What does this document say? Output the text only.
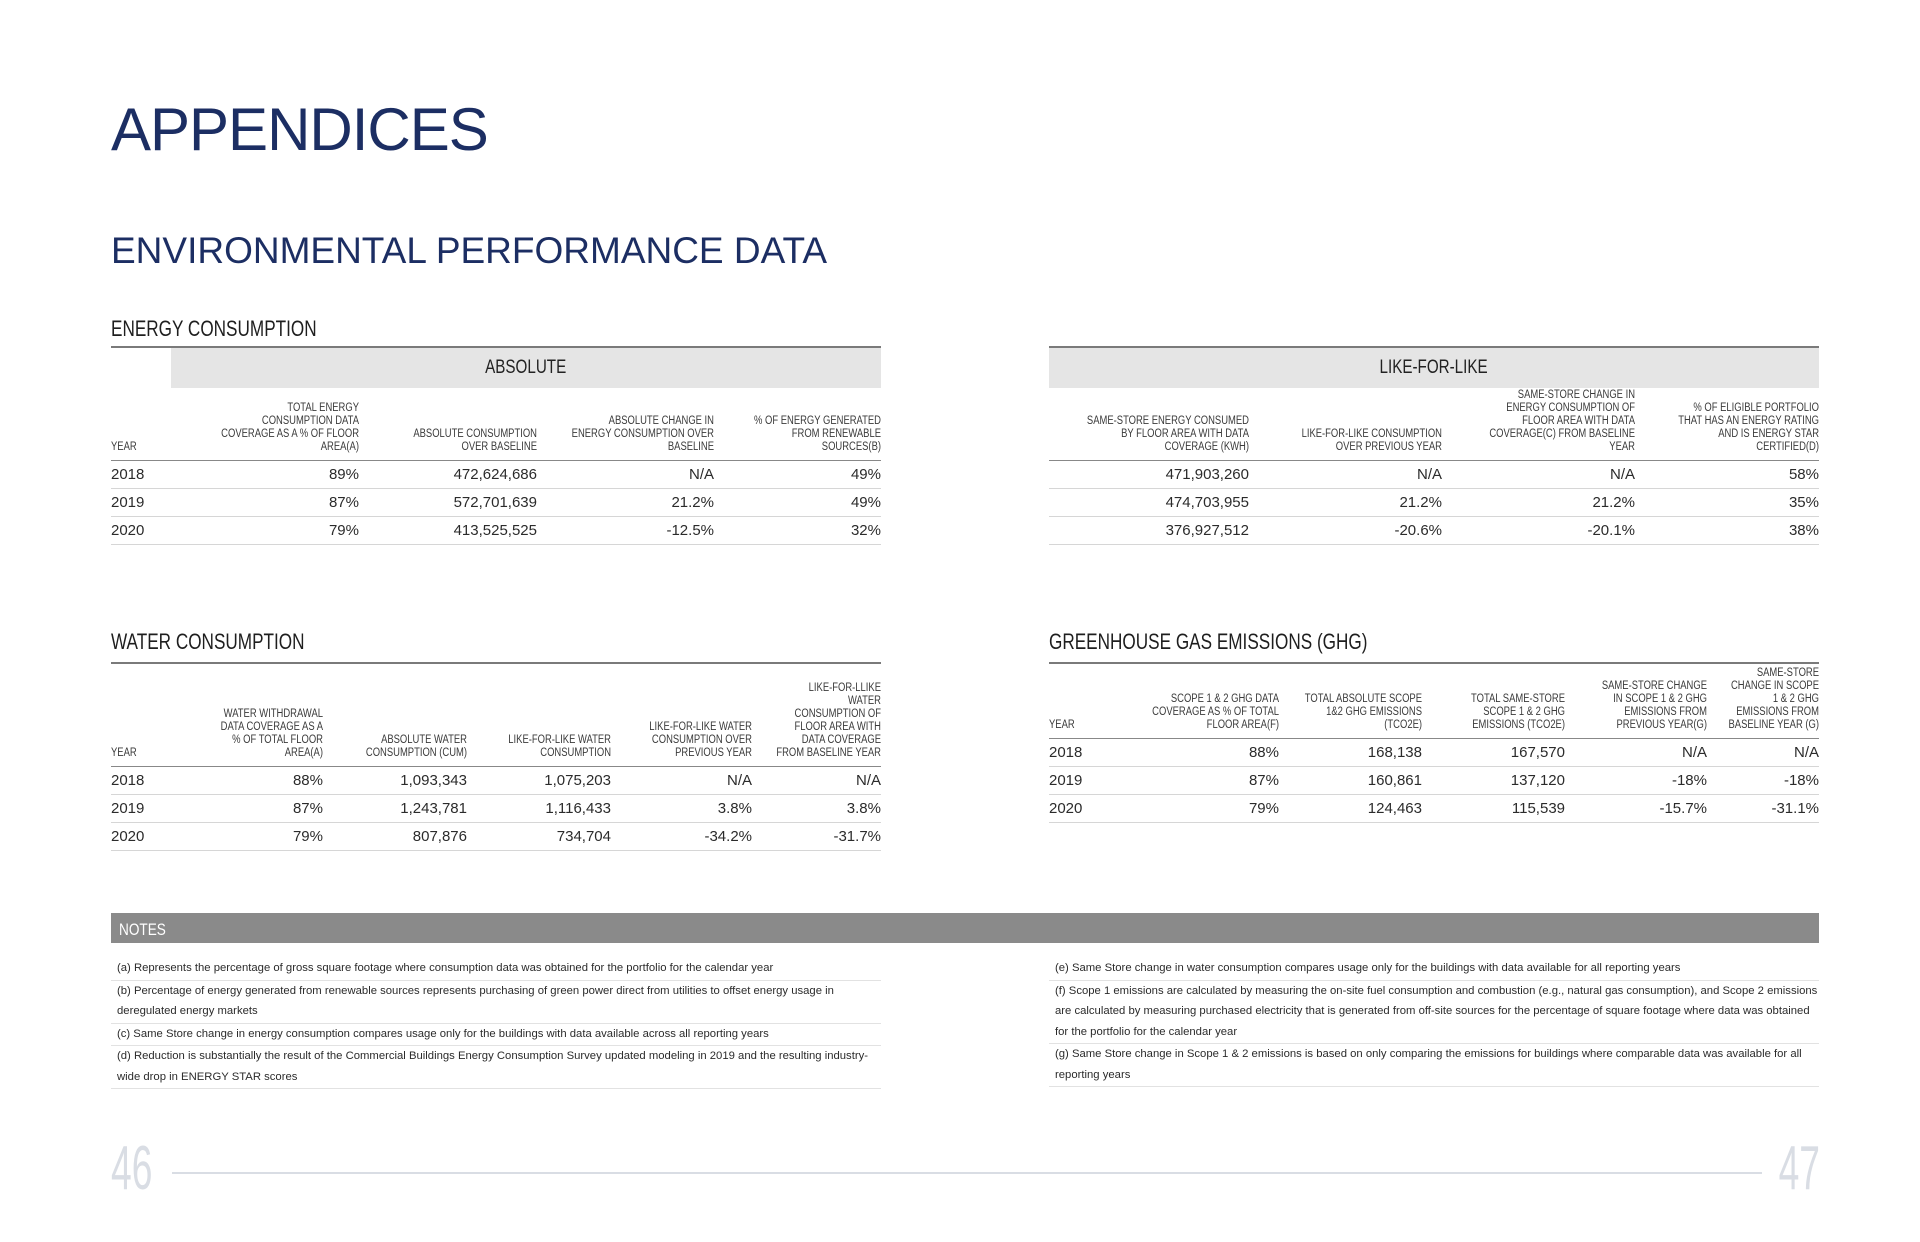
APPENDICES
ENVIRONMENTAL PERFORMANCE DATA
ENERGY CONSUMPTION
ABSOLUTE	LIKE-FOR-LIKE
YEAR	TOTAL ENERGY CONSUMPTION DATA COVERAGE AS A % OF FLOOR AREA(A)	ABSOLUTE CONSUMPTION OVER BASELINE	ABSOLUTE CHANGE IN ENERGY CONSUMPTION OVER BASELINE	% OF ENERGY GENERATED FROM RENEWABLE SOURCES(B)
2018	89%	472,624,686	N/A	49%
2019	87%	572,701,639	21.2%	49%
2020	79%	413,525,525	-12.5%	32%
SAME-STORE ENERGY CONSUMED BY FLOOR AREA WITH DATA COVERAGE (KWH)	LIKE-FOR-LIKE CONSUMPTION OVER PREVIOUS YEAR	SAME-STORE CHANGE IN ENERGY CONSUMPTION OF FLOOR AREA WITH DATA COVERAGE(C) FROM BASELINE YEAR	% OF ELIGIBLE PORTFOLIO THAT HAS AN ENERGY RATING AND IS ENERGY STAR CERTIFIED(D)
471,903,260	N/A	N/A	58%
474,703,955	21.2%	21.2%	35%
376,927,512	-20.6%	-20.1%	38%
WATER CONSUMPTION
YEAR	WATER WITHDRAWAL DATA COVERAGE AS A % OF TOTAL FLOOR AREA(A)	ABSOLUTE WATER CONSUMPTION (CUM)	LIKE-FOR-LIKE WATER CONSUMPTION	LIKE-FOR-LIKE WATER CONSUMPTION OVER PREVIOUS YEAR	LIKE-FOR-LLIKE WATER CONSUMPTION OF FLOOR AREA WITH DATA COVERAGE FROM BASELINE YEAR
2018	88%	1,093,343	1,075,203	N/A	N/A
2019	87%	1,243,781	1,116,433	3.8%	3.8%
2020	79%	807,876	734,704	-34.2%	-31.7%
GREENHOUSE GAS EMISSIONS (GHG)
YEAR	SCOPE 1 & 2 GHG DATA COVERAGE AS % OF TOTAL FLOOR AREA(F)	TOTAL ABSOLUTE SCOPE 1&2 GHG EMISSIONS (TCO2E)	TOTAL SAME-STORE SCOPE 1 & 2 GHG EMISSIONS (TCO2E)	SAME-STORE CHANGE IN SCOPE 1 & 2 GHG EMISSIONS FROM PREVIOUS YEAR(G)	SAME-STORE CHANGE IN SCOPE 1 & 2 GHG EMISSIONS FROM BASELINE YEAR (G)
2018	88%	168,138	167,570	N/A	N/A
2019	87%	160,861	137,120	-18%	-18%
2020	79%	124,463	115,539	-15.7%	-31.1%
NOTES
(a) Represents the percentage of gross square footage where consumption data was obtained for the portfolio for the calendar year
(b) Percentage of energy generated from renewable sources represents purchasing of green power direct from utilities to offset energy usage in deregulated energy markets
(c) Same Store change in energy consumption compares usage only for the buildings with data available across all reporting years
(d) Reduction is substantially the result of the Commercial Buildings Energy Consumption Survey updated modeling in 2019 and the resulting industry-wide drop in ENERGY STAR scores
(e) Same Store change in water consumption compares usage only for the buildings with data available for all reporting years
(f) Scope 1 emissions are calculated by measuring the on-site fuel consumption and combustion (e.g., natural gas consumption), and Scope 2 emissions are calculated by measuring purchased electricity that is generated from off-site sources for the percentage of square footage where data was obtained for the portfolio for the calendar year
(g) Same Store change in Scope 1 & 2 emissions is based on only comparing the emissions for buildings where comparable data was available for all reporting years
46	47
